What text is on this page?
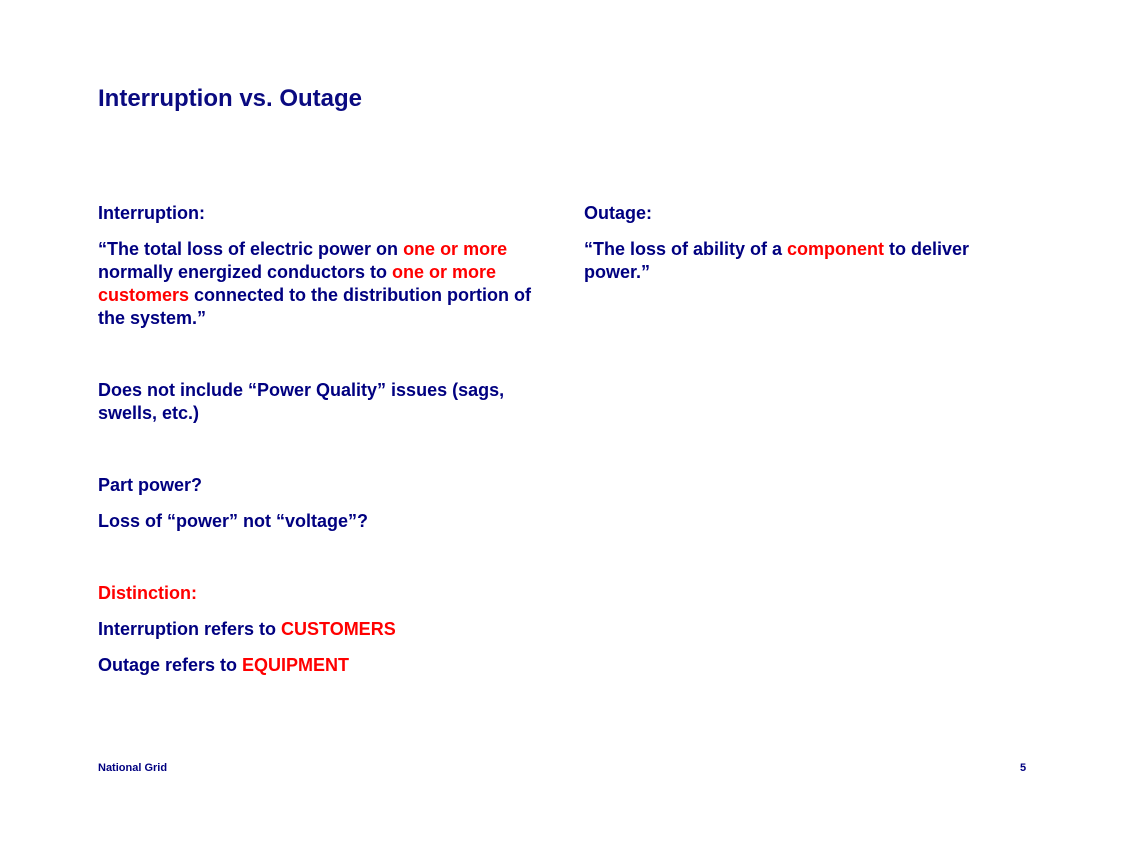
Interruption vs. Outage

Interruption:

“The total loss of electric power on one or more normally energized conductors to one or more customers connected to the distribution portion of the system.”

Does not include “Power Quality” issues (sags, swells, etc.)

Part power?

Loss of “power” not “voltage”?

Distinction:

Interruption refers to CUSTOMERS

Outage refers to EQUIPMENT

Outage:

“The loss of ability of a component to deliver power.”

National Grid	5
